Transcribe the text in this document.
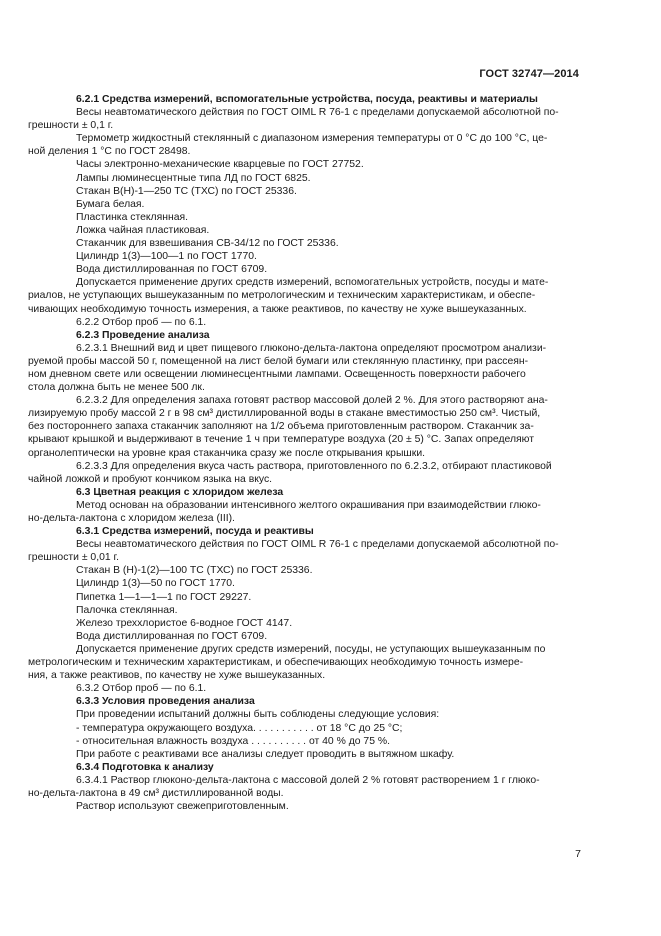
ГОСТ 32747—2014
6.2.1 Средства измерений, вспомогательные устройства, посуда, реактивы и материалы
Весы неавтоматического действия по ГОСТ OIML R 76-1 с пределами допускаемой абсолютной по-
грешности ± 0,1 г.
Термометр жидкостный стеклянный с диапазоном измерения температуры от 0 °С до 100 °С, це-
ной деления 1 °С по ГОСТ 28498.
Часы электронно-механические кварцевые по ГОСТ 27752.
Лампы люминесцентные типа ЛД по ГОСТ 6825.
Стакан В(Н)-1—250 ТС (ТХС) по ГОСТ 25336.
Бумага белая.
Пластинка стеклянная.
Ложка чайная пластиковая.
Стаканчик для взвешивания СВ-34/12 по ГОСТ 25336.
Цилиндр 1(3)—100—1 по ГОСТ 1770.
Вода дистиллированная по ГОСТ 6709.
Допускается применение других средств измерений, вспомогательных устройств, посуды и мате-
риалов, не уступающих вышеуказанным по метрологическим и техническим характеристикам, и обеспе-
чивающих необходимую точность измерения, а также реактивов, по качеству не хуже вышеуказанных.
6.2.2 Отбор проб — по 6.1.
6.2.3 Проведение анализа
6.2.3.1 Внешний вид и цвет пищевого глюконо-дельта-лактона определяют просмотром анализи-
руемой пробы массой 50 г, помещенной на лист белой бумаги или стеклянную пластинку, при рассеян-
ном дневном свете или освещении люминесцентными лампами. Освещенность поверхности рабочего
стола должна быть не менее 500 лк.
6.2.3.2 Для определения запаха готовят раствор массовой долей 2 %. Для этого растворяют ана-
лизируемую пробу массой 2 г в 98 см³ дистиллированной воды в стакане вместимостью 250 см³. Чистый,
без постороннего запаха стаканчик заполняют на 1/2 объема приготовленным раствором. Стаканчик за-
крывают крышкой и выдерживают в течение 1 ч при температуре воздуха (20 ± 5) °С. Запах определяют
органолептически на уровне края стаканчика сразу же после открывания крышки.
6.2.3.3 Для определения вкуса часть раствора, приготовленного по 6.2.3.2, отбирают пластиковой
чайной ложкой и пробуют кончиком языка на вкус.
6.3 Цветная реакция с хлоридом железа
Метод основан на образовании интенсивного желтого окрашивания при взаимодействии глюко-
но-дельта-лактона с хлоридом железа (III).
6.3.1 Средства измерений, посуда и реактивы
Весы неавтоматического действия по ГОСТ OIML R 76-1 с пределами допускаемой абсолютной по-
грешности ± 0,01 г.
Стакан В (Н)-1(2)—100 ТС (ТХС) по ГОСТ 25336.
Цилиндр 1(3)—50 по ГОСТ 1770.
Пипетка 1—1—1—1 по ГОСТ 29227.
Палочка стеклянная.
Железо треххлористое 6-водное ГОСТ 4147.
Вода дистиллированная по ГОСТ 6709.
Допускается применение других средств измерений, посуды, не уступающих вышеуказанным по
метрологическим и техническим характеристикам, и обеспечивающих необходимую точность измере-
ния, а также реактивов, по качеству не хуже вышеуказанных.
6.3.2 Отбор проб — по 6.1.
6.3.3 Условия проведения анализа
При проведении испытаний должны быть соблюдены следующие условия:
- температура окружающего воздуха. . . . . . . . . . . от 18 °С до 25 °С;
- относительная влажность воздуха . . . . . . . . . . от 40 % до 75 %.
При работе с реактивами все анализы следует проводить в вытяжном шкафу.
6.3.4 Подготовка к анализу
6.3.4.1 Раствор глюконо-дельта-лактона с массовой долей 2 % готовят растворением 1 г глюко-
но-дельта-лактона в 49 см³ дистиллированной воды.
Раствор используют свежеприготовленным.
7
